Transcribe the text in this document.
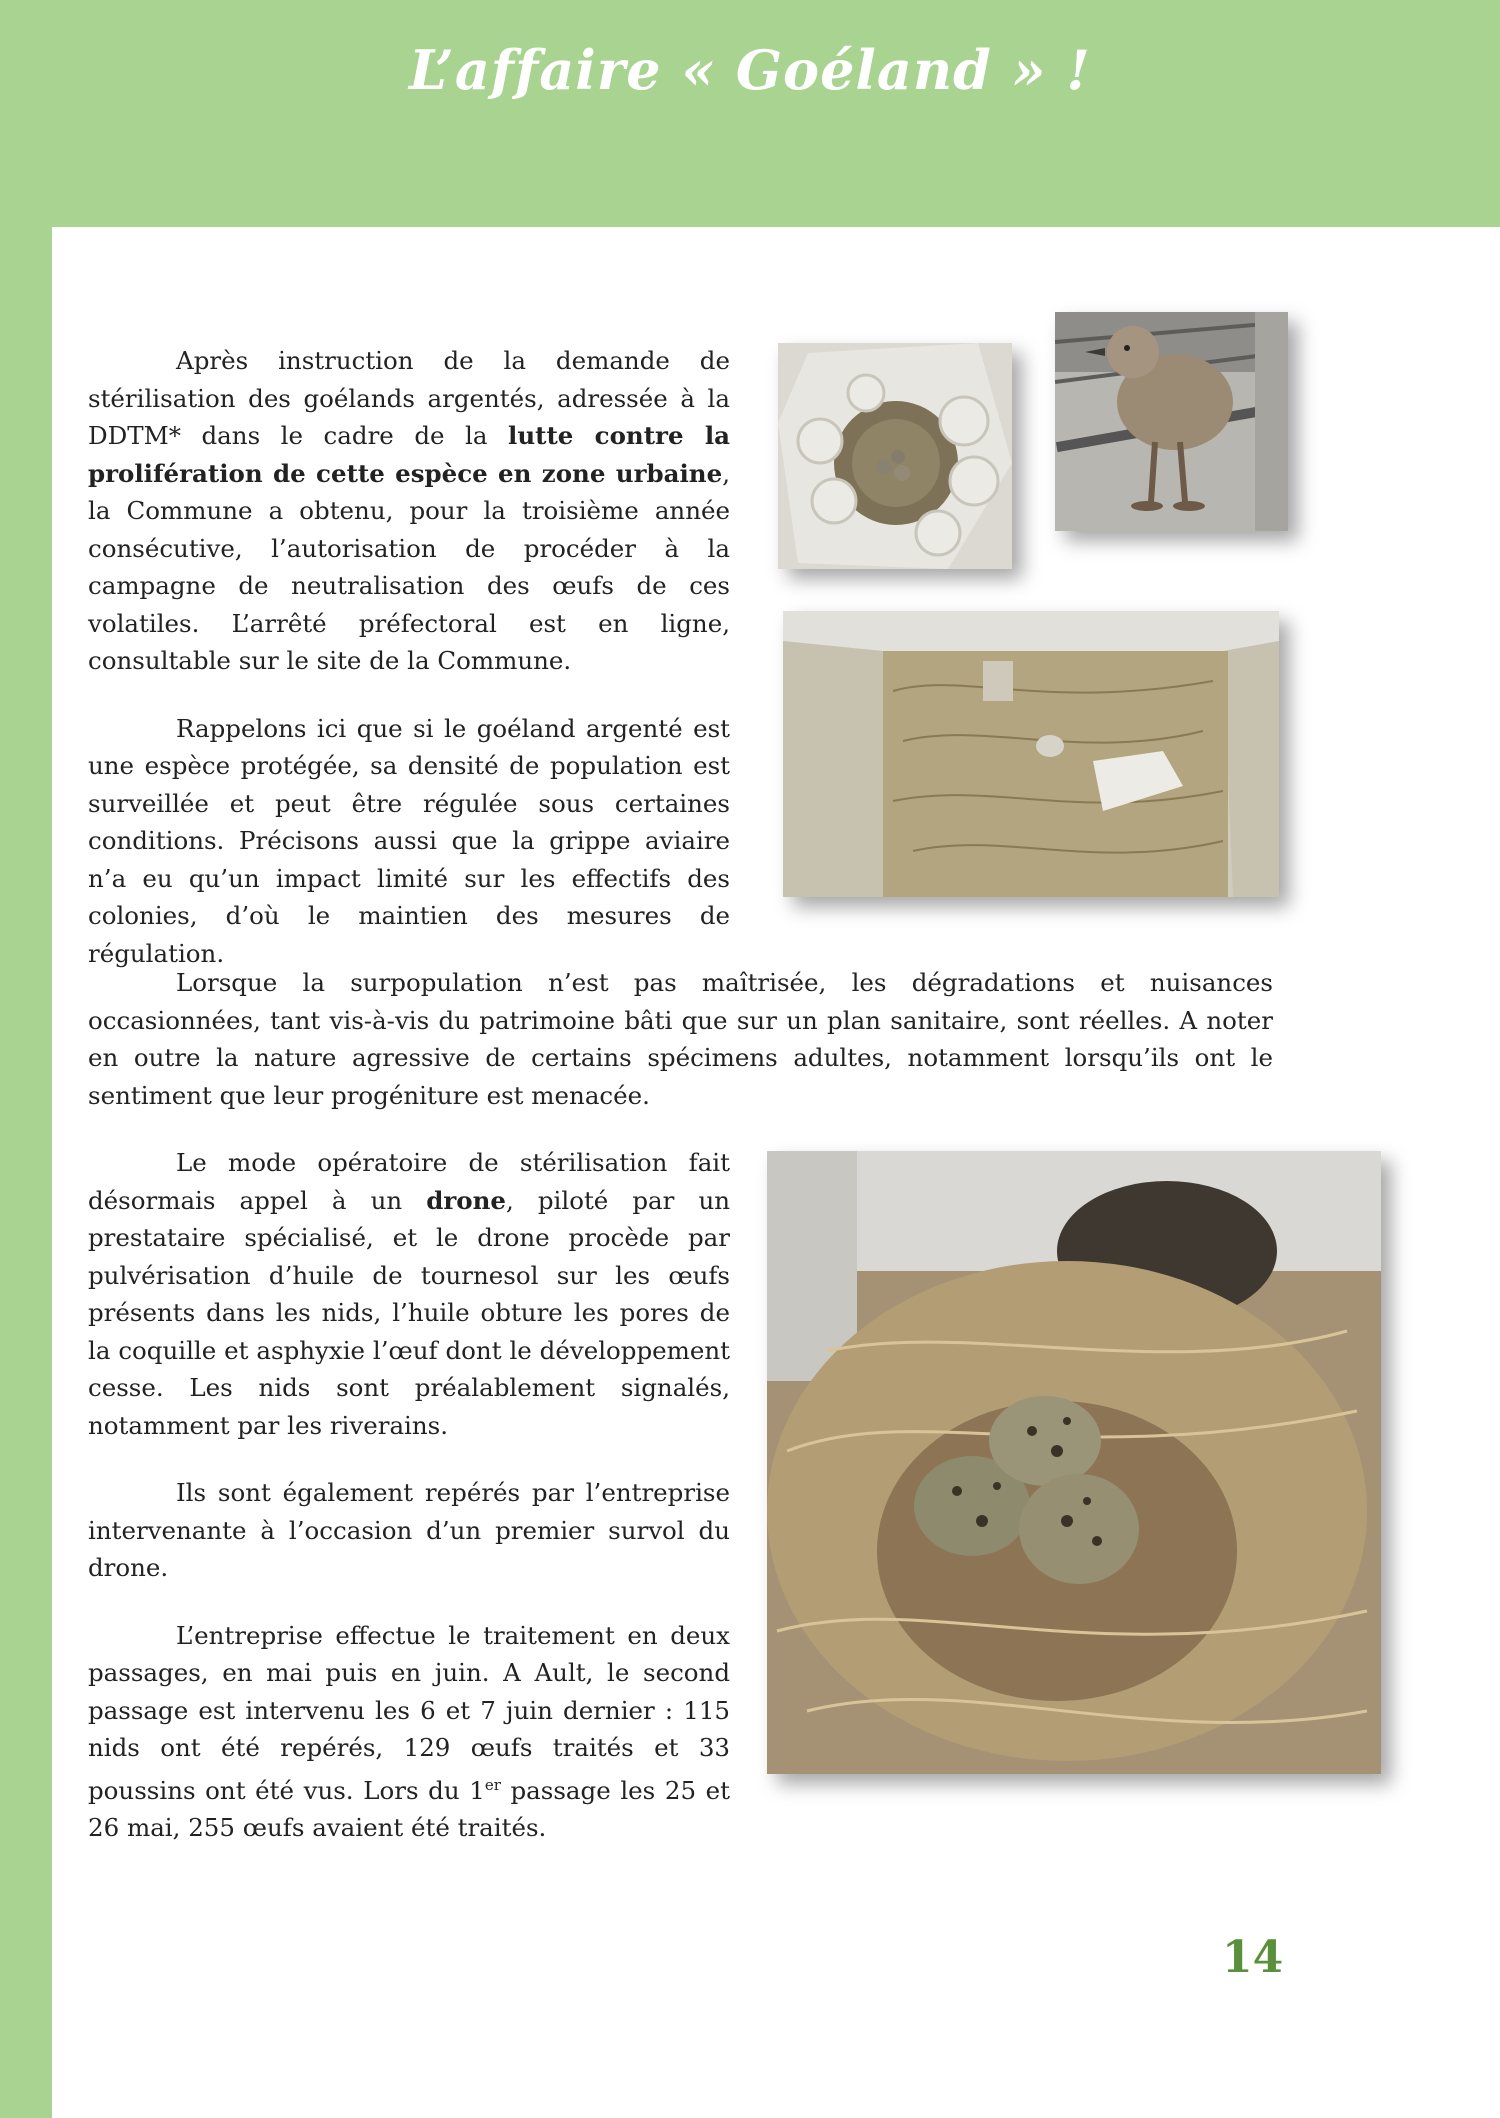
L’affaire « Goéland » !

Après instruction de la demande de stérilisation des goélands argentés, adressée à la DDTM* dans le cadre de la lutte contre la prolifération de cette espèce en zone urbaine, la Commune a obtenu, pour la troisième année consécutive, l’autorisation de procéder à la campagne de neutralisation des œufs de ces volatiles. L’arrêté préfectoral est en ligne, consultable sur le site de la Commune.

Rappelons ici que si le goéland argenté est une espèce protégée, sa densité de population est surveillée et peut être régulée sous certaines conditions. Précisons aussi que la grippe aviaire n’a eu qu’un impact limité sur les effectifs des colonies, d’où le maintien des mesures de régulation.

Lorsque la surpopulation n’est pas maîtrisée, les dégradations et nuisances occasionnées, tant vis-à-vis du patrimoine bâti que sur un plan sanitaire, sont réelles. A noter en outre la nature agressive de certains spécimens adultes, notamment lorsqu’ils ont le sentiment que leur progéniture est menacée.

Le mode opératoire de stérilisation fait désormais appel à un drone, piloté par un prestataire spécialisé, et le drone procède par pulvérisation d’huile de tournesol sur les œufs présents dans les nids, l’huile obture les pores de la coquille et asphyxie l’œuf dont le développement cesse. Les nids sont préalablement signalés, notamment par les riverains.

Ils sont également repérés par l’entreprise intervenante à l’occasion d’un premier survol du drone.

L’entreprise effectue le traitement en deux passages, en mai puis en juin. A Ault, le second passage est intervenu les 6 et 7 juin dernier : 115 nids ont été repérés, 129 œufs traités et 33 poussins ont été vus. Lors du 1er passage les 25 et 26 mai, 255 œufs avaient été traités.

14
